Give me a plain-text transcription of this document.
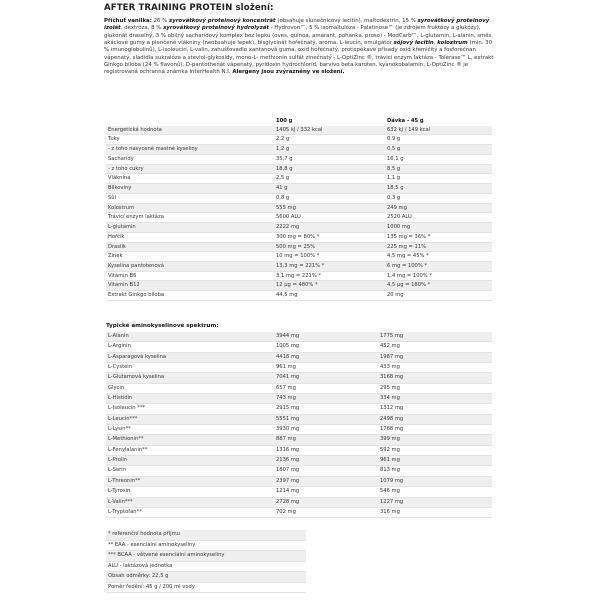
AFTER TRAINING PROTEIN složení:
Příchuť vanilka: 26 % syrovátkový proteinový koncentrát (obsahuje slunečnicový lecitin), maltodextrin, 15 % syrovátkový proteinový izolát, dextróza, 8 % syrovátkový proteinový hydrolyzát - Hydrovon™, 5 % isomaltulóza - Palatinose™ (je zdrojem fruktózy a glukózy), glukonát draselný, 3 % obilný sacharidový komplex bez lepku (oves, quinoa, amarant, pohanka, proso) - ModCarb™, L-glutamin, L-alanin, směs akáciové gumy a plenčené vlákniny (neobsahuje lepek), bisglycinát hořečnatý, aroma, L-leucin, emulgátor sójový lecitin, kolostrum (min. 30 % imunoglobulinů), L-isoleucin, L-valin, zahušťovadlo xantanová guma, oxid hořečnatý, protispékavé přísady oxid křemičitý a fosforečnan vápenatý, sladidla sukralóza a steviol-glykosidy, mono-L- methionin sulfát zinečnatý - L-OptiZinc ®, trávicí enzym laktáza - Tolerase™ L, extrakt Ginkgo biloba (24 % flavonů), D-pantothenát vápenatý, pyridoxin hydrochlorid, barvivo beta karoten, kyanokobalamin. L-OptiZinc ® je registrovaná ochranná známka InterHealth N.I. Alergeny jsou zvýrazněny ve složení.
	100 g	Dávka - 45 g
Energetická hodnota	1405 kJ / 332 kcal	632 kJ / 149 kcal
Tuky	2,2 g	0,9 g
- z toho nasycené mastné kyseliny	1,2 g	0,5 g
Sacharidy	35,7 g	16,1 g
- z toho cukry	18,8 g	8,5 g
Vláknina	2,5 g	1,1 g
Bílkoviny	41 g	18,5 g
Sůl	0,8 g	0,3 g
Kolostrum	555 mg	249 mg
Trávicí enzym laktáza	5600 ALU	2520 ALU
L-glutamin	2222 mg	1000 mg
Hořčík	300 mg = 80% *	135 mg = 36% *
Draslík	500 mg = 25%	225 mg = 11%
Zinek	10 mg = 100% *	4,5 mg = 45% *
Kyselina pantotenová	13,3 mg = 221% *	6 mg = 100% *
Vitamin B6	3,1 mg = 221% *	1,4 mg = 100% *
Vitamin B12	12 µg = 480% *	4,5 µg = 180% *
Extrakt Ginkgo biloba	44,5 mg	20 mg
Typické aminokyselinové spektrum:
L-Alanin	3944 mg	1775 mg
L-Arginin	1005 mg	452 mg
L-Asparagová kyselina	4418 mg	1987 mg
L-Cystein	961 mg	433 mg
L-Glutamová kyselina	7041 mg	3168 mg
Glycin	657 mg	295 mg
L-Histidin	743 mg	334 mg
L-Isoleucin ***	2915 mg	1312 mg
L-Leucin***	5551 mg	2498 mg
L-Lysin**	3930 mg	1768 mg
L-Methionin**	887 mg	399 mg
L-Fenylalanin**	1316 mg	592 mg
L-Prolin	2136 mg	961 mg
L-Serin	1807 mg	813 mg
L-Threonin**	2397 mg	1079 mg
L-Tyrosin	1214 mg	546 mg
L-Valin***	2728 mg	1227 mg
L-Tryptofan**	702 mg	316 mg
* referenční hodnota příjmu
** EAA - esenciální aminokyseliny
*** BCAA - větvené esenciální aminokyseliny
ALU - laktázová jednotka
Obsah odměrky: 22,5 g
Poměr ředění: 45 g / 200 ml vody
